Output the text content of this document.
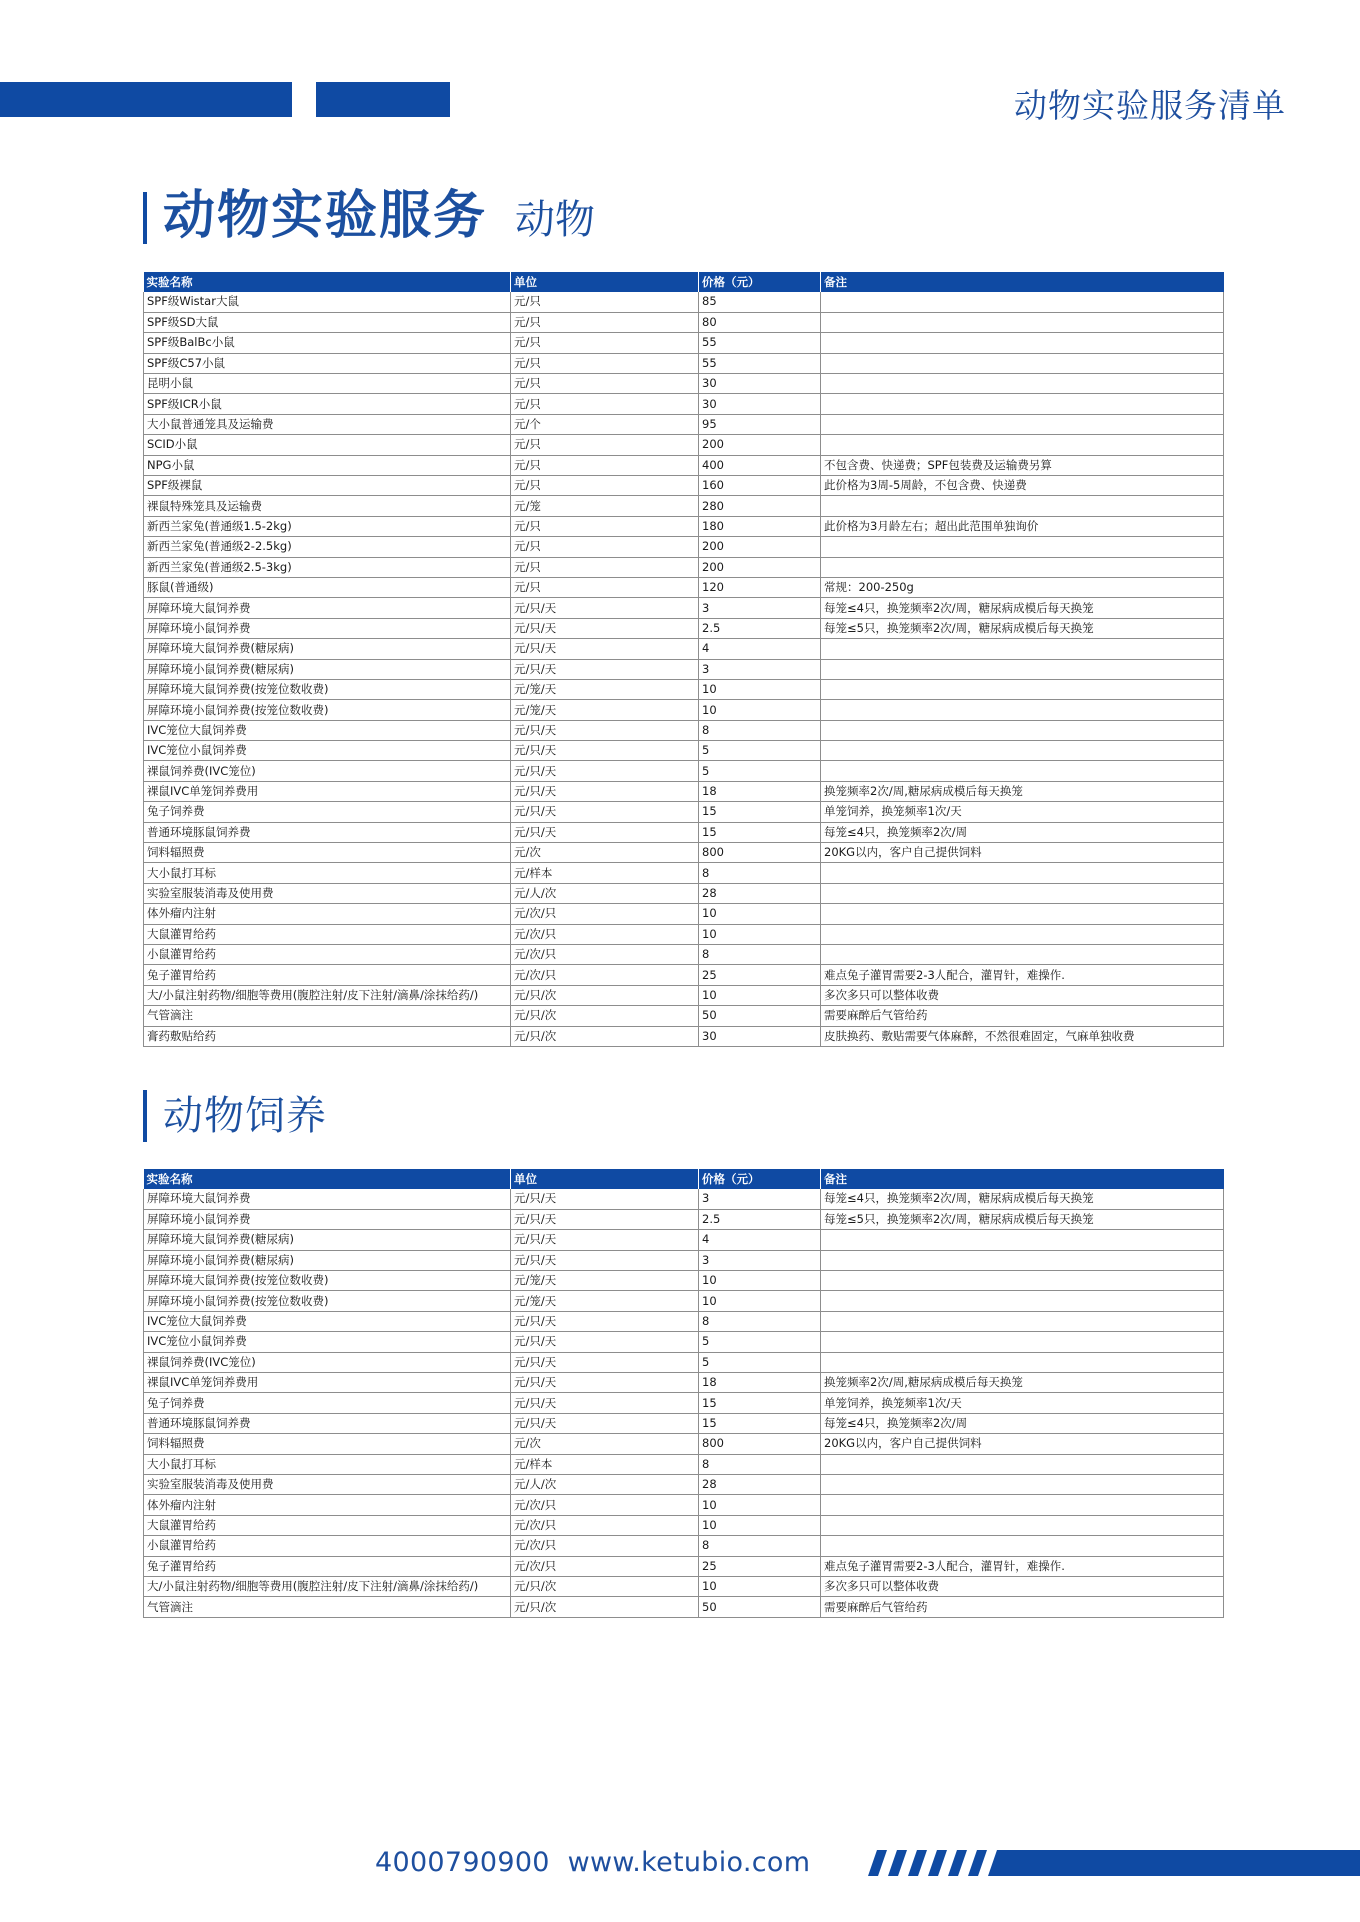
动物实验服务清单
动物实验服务 动物
实验名称	单位	价格（元）	备注
SPF级Wistar大鼠	元/只	85	
SPF级SD大鼠	元/只	80	
SPF级BalBc小鼠	元/只	55	
SPF级C57小鼠	元/只	55	
昆明小鼠	元/只	30	
SPF级ICR小鼠	元/只	30	
大小鼠普通笼具及运输费	元/个	95	
SCID小鼠	元/只	200	
NPG小鼠	元/只	400	不包含费、快递费；SPF包装费及运输费另算
SPF级裸鼠	元/只	160	此价格为3周-5周龄，不包含费、快递费
裸鼠特殊笼具及运输费	元/笼	280	
新西兰家兔(普通级1.5-2kg)	元/只	180	此价格为3月龄左右；超出此范围单独询价
新西兰家兔(普通级2-2.5kg)	元/只	200	
新西兰家兔(普通级2.5-3kg)	元/只	200	
豚鼠(普通级)	元/只	120	常规：200-250g
屏障环境大鼠饲养费	元/只/天	3	每笼≤4只，换笼频率2次/周，糖尿病成模后每天换笼
屏障环境小鼠饲养费	元/只/天	2.5	每笼≤5只，换笼频率2次/周，糖尿病成模后每天换笼
屏障环境大鼠饲养费(糖尿病)	元/只/天	4	
屏障环境小鼠饲养费(糖尿病)	元/只/天	3	
屏障环境大鼠饲养费(按笼位数收费)	元/笼/天	10	
屏障环境小鼠饲养费(按笼位数收费)	元/笼/天	10	
IVC笼位大鼠饲养费	元/只/天	8	
IVC笼位小鼠饲养费	元/只/天	5	
裸鼠饲养费(IVC笼位)	元/只/天	5	
裸鼠IVC单笼饲养费用	元/只/天	18	换笼频率2次/周,糖尿病成模后每天换笼
兔子饲养费	元/只/天	15	单笼饲养，换笼频率1次/天
普通环境豚鼠饲养费	元/只/天	15	每笼≤4只，换笼频率2次/周
饲料辐照费	元/次	800	20KG以内，客户自己提供饲料
大小鼠打耳标	元/样本	8	
实验室服装消毒及使用费	元/人/次	28	
体外瘤内注射	元/次/只	10	
大鼠灌胃给药	元/次/只	10	
小鼠灌胃给药	元/次/只	8	
兔子灌胃给药	元/次/只	25	难点兔子灌胃需要2-3人配合，灌胃针，难操作.
大/小鼠注射药物/细胞等费用(腹腔注射/皮下注射/滴鼻/涂抹给药/)	元/只/次	10	多次多只可以整体收费
气管滴注	元/只/次	50	需要麻醉后气管给药
膏药敷贴给药	元/只/次	30	皮肤换药、敷贴需要气体麻醉，不然很难固定，气麻单独收费
动物饲养
实验名称	单位	价格（元）	备注
屏障环境大鼠饲养费	元/只/天	3	每笼≤4只，换笼频率2次/周，糖尿病成模后每天换笼
屏障环境小鼠饲养费	元/只/天	2.5	每笼≤5只，换笼频率2次/周，糖尿病成模后每天换笼
屏障环境大鼠饲养费(糖尿病)	元/只/天	4	
屏障环境小鼠饲养费(糖尿病)	元/只/天	3	
屏障环境大鼠饲养费(按笼位数收费)	元/笼/天	10	
屏障环境小鼠饲养费(按笼位数收费)	元/笼/天	10	
IVC笼位大鼠饲养费	元/只/天	8	
IVC笼位小鼠饲养费	元/只/天	5	
裸鼠饲养费(IVC笼位)	元/只/天	5	
裸鼠IVC单笼饲养费用	元/只/天	18	换笼频率2次/周,糖尿病成模后每天换笼
兔子饲养费	元/只/天	15	单笼饲养，换笼频率1次/天
普通环境豚鼠饲养费	元/只/天	15	每笼≤4只，换笼频率2次/周
饲料辐照费	元/次	800	20KG以内，客户自己提供饲料
大小鼠打耳标	元/样本	8	
实验室服装消毒及使用费	元/人/次	28	
体外瘤内注射	元/次/只	10	
大鼠灌胃给药	元/次/只	10	
小鼠灌胃给药	元/次/只	8	
兔子灌胃给药	元/次/只	25	难点兔子灌胃需要2-3人配合，灌胃针，难操作.
大/小鼠注射药物/细胞等费用(腹腔注射/皮下注射/滴鼻/涂抹给药/)	元/只/次	10	多次多只可以整体收费
气管滴注	元/只/次	50	需要麻醉后气管给药
4000790900 www.ketubio.com
